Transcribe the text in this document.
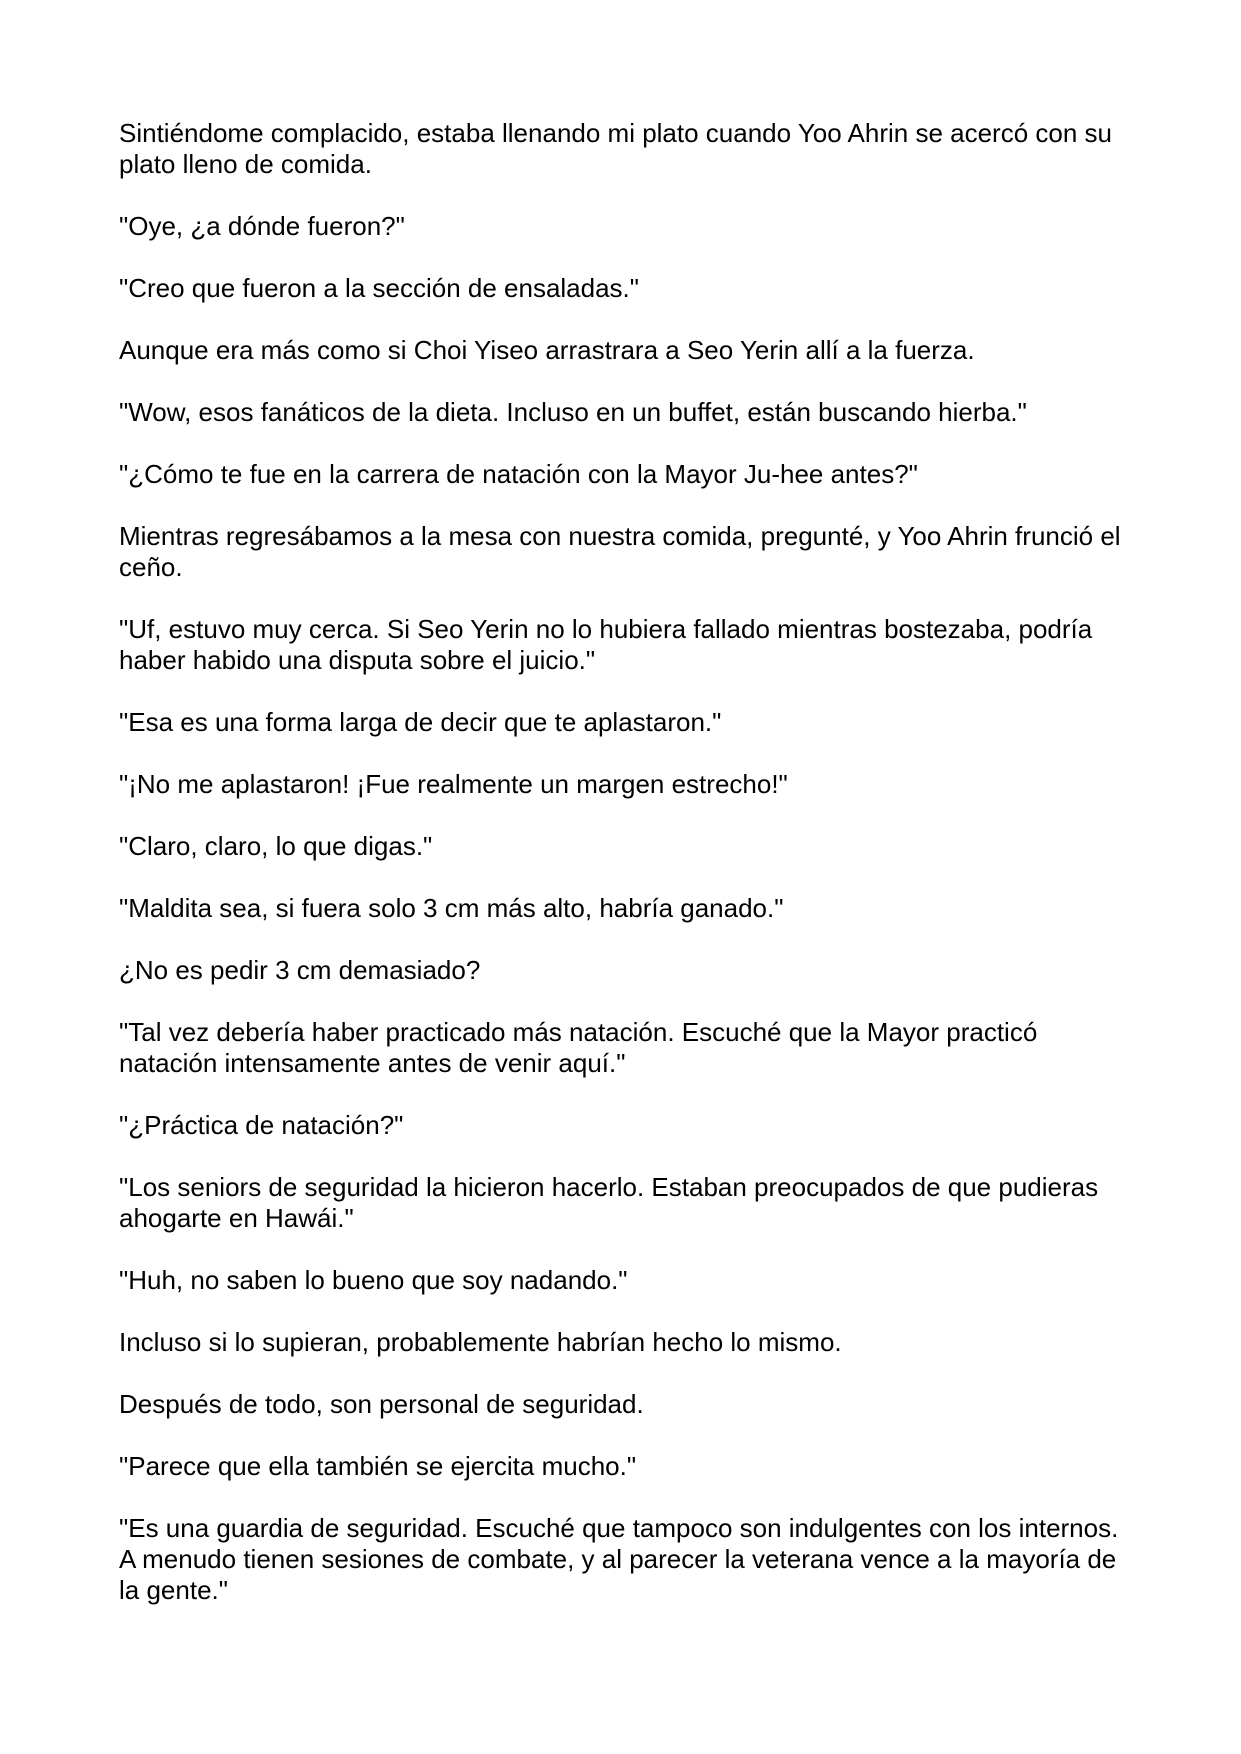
Sintiéndome complacido, estaba llenando mi plato cuando Yoo Ahrin se acercó con su plato lleno de comida.

"Oye, ¿a dónde fueron?"

"Creo que fueron a la sección de ensaladas."

Aunque era más como si Choi Yiseo arrastrara a Seo Yerin allí a la fuerza.

"Wow, esos fanáticos de la dieta. Incluso en un buffet, están buscando hierba."

"¿Cómo te fue en la carrera de natación con la Mayor Ju-hee antes?"

Mientras regresábamos a la mesa con nuestra comida, pregunté, y Yoo Ahrin frunció el ceño.

"Uf, estuvo muy cerca. Si Seo Yerin no lo hubiera fallado mientras bostezaba, podría haber habido una disputa sobre el juicio."

"Esa es una forma larga de decir que te aplastaron."

"¡No me aplastaron! ¡Fue realmente un margen estrecho!"

"Claro, claro, lo que digas."

"Maldita sea, si fuera solo 3 cm más alto, habría ganado."

¿No es pedir 3 cm demasiado?

"Tal vez debería haber practicado más natación. Escuché que la Mayor practicó natación intensamente antes de venir aquí."

"¿Práctica de natación?"

"Los seniors de seguridad la hicieron hacerlo. Estaban preocupados de que pudieras ahogarte en Hawái."

"Huh, no saben lo bueno que soy nadando."

Incluso si lo supieran, probablemente habrían hecho lo mismo.

Después de todo, son personal de seguridad.

"Parece que ella también se ejercita mucho."

"Es una guardia de seguridad. Escuché que tampoco son indulgentes con los internos. A menudo tienen sesiones de combate, y al parecer la veterana vence a la mayoría de la gente."
